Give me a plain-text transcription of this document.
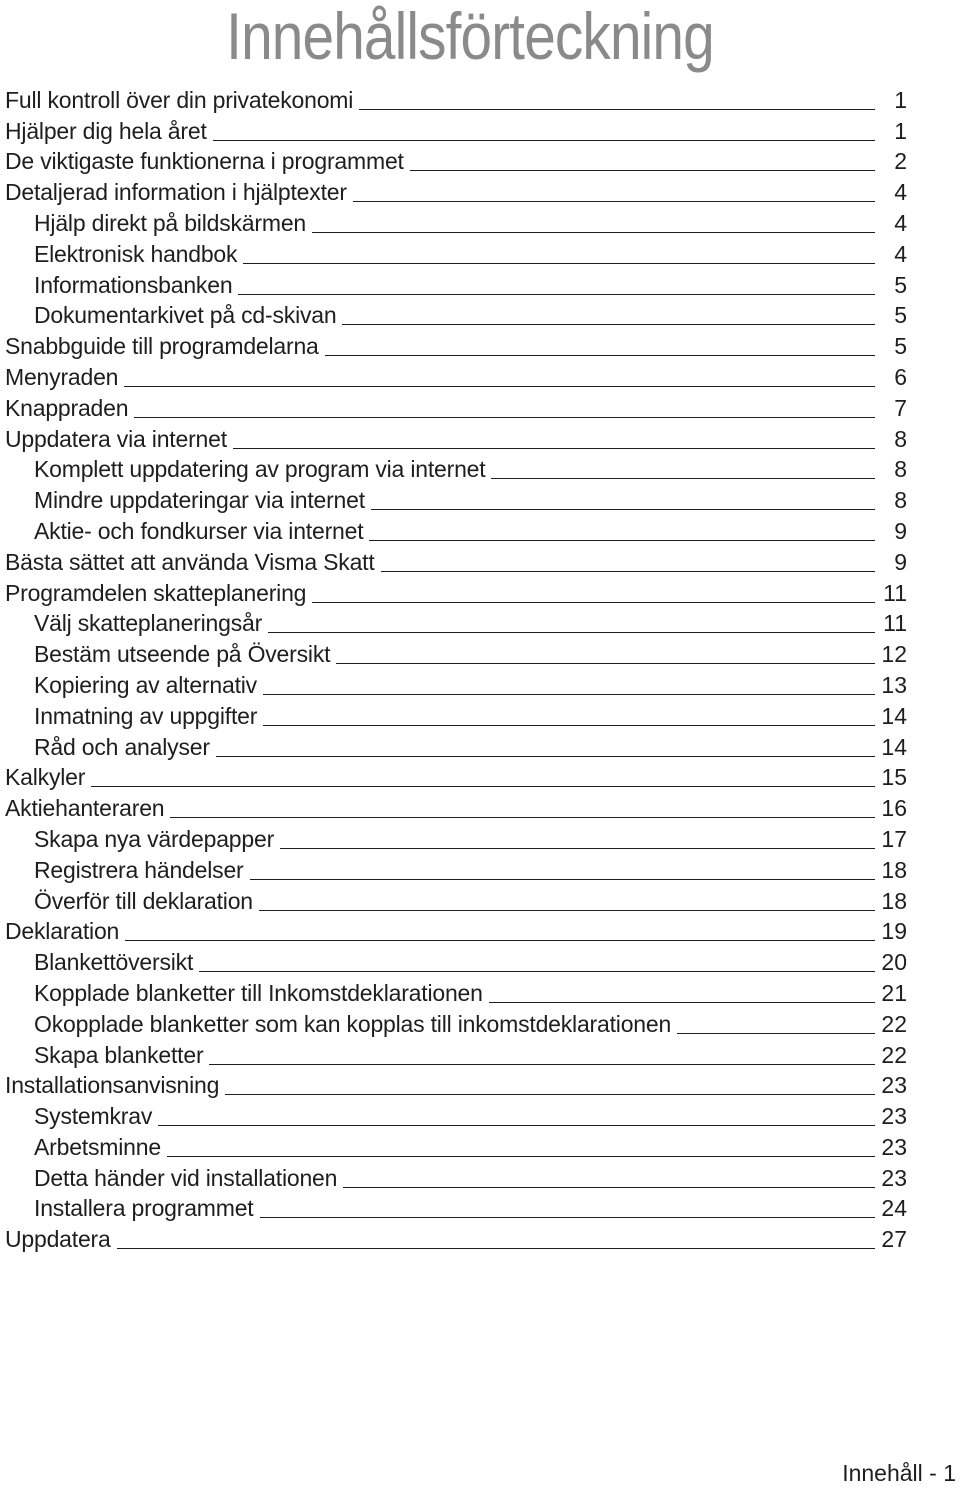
Innehållsförteckning
Full kontroll över din privatekonomi	1
Hjälper dig hela året	1
De viktigaste funktionerna i programmet	2
Detaljerad information i hjälptexter	4
Hjälp direkt på bildskärmen	4
Elektronisk handbok	4
Informationsbanken	5
Dokumentarkivet på cd-skivan	5
Snabbguide till programdelarna	5
Menyraden	6
Knappraden	7
Uppdatera via internet	8
Komplett uppdatering av program via internet	8
Mindre uppdateringar via internet	8
Aktie- och fondkurser via internet	9
Bästa sättet att använda Visma Skatt	9
Programdelen skatteplanering	11
Välj skatteplaneringsår	11
Bestäm utseende på Översikt	12
Kopiering av alternativ	13
Inmatning av uppgifter	14
Råd och analyser	14
Kalkyler	15
Aktiehanteraren	16
Skapa nya värdepapper	17
Registrera händelser	18
Överför till deklaration	18
Deklaration	19
Blankettöversikt	20
Kopplade blanketter till Inkomstdeklarationen	21
Okopplade blanketter som kan kopplas till inkomstdeklarationen	22
Skapa blanketter	22
Installationsanvisning	23
Systemkrav	23
Arbetsminne	23
Detta händer vid installationen	23
Installera programmet	24
Uppdatera	27
Innehåll - 1
